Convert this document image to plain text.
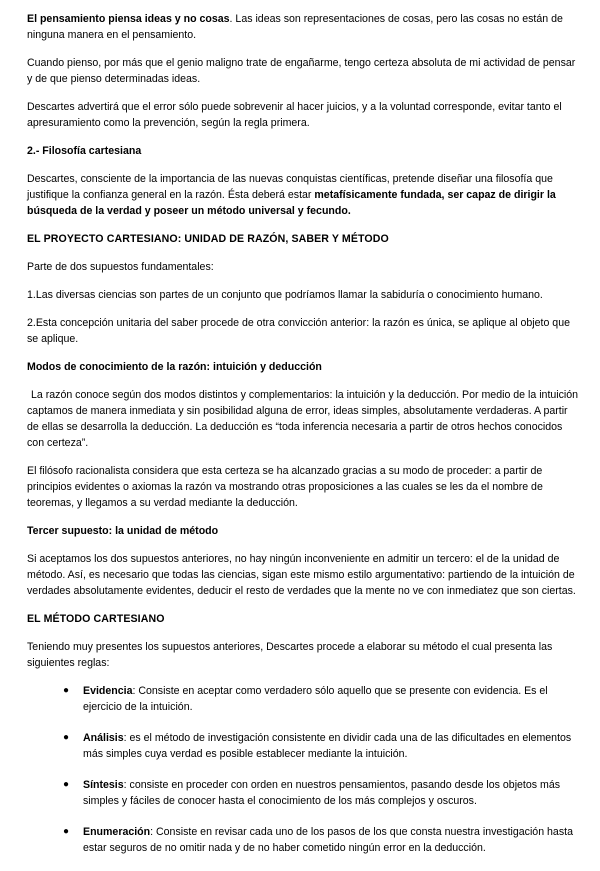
El pensamiento piensa ideas y no cosas. Las ideas son representaciones de cosas, pero las cosas no están de ninguna manera en el pensamiento.

Cuando pienso, por más que el genio maligno trate de engañarme, tengo certeza absoluta de mi actividad de pensar y de que pienso determinadas ideas.

Descartes advertirá que el error sólo puede sobrevenir al hacer juicios, y a la voluntad corresponde, evitar tanto el apresuramiento como la prevención, según la regla primera.

2.- Filosofía cartesiana

Descartes, consciente de la importancia de las nuevas conquistas científicas, pretende diseñar una filosofía que justifique la confianza general en la razón. Ésta deberá estar metafísicamente fundada, ser capaz de dirigir la búsqueda de la verdad y poseer un método universal y fecundo.

EL PROYECTO CARTESIANO: UNIDAD DE RAZÓN, SABER Y MÉTODO

Parte de dos supuestos fundamentales:

1.Las diversas ciencias son partes de un conjunto que podríamos llamar la sabiduría o conocimiento humano.

2.Esta concepción unitaria del saber procede de otra convicción anterior: la razón es única, se aplique al objeto que se aplique.

Modos de conocimiento de la razón: intuición y deducción

La razón conoce según dos modos distintos y complementarios: la intuición y la deducción. Por medio de la intuición captamos de manera inmediata y sin posibilidad alguna de error, ideas simples, absolutamente verdaderas. A partir de ellas se desarrolla la deducción. La deducción es “toda inferencia necesaria a partir de otros hechos conocidos con certeza”.

El filósofo racionalista considera que esta certeza se ha alcanzado gracias a su modo de proceder: a partir de principios evidentes o axiomas la razón va mostrando otras proposiciones a las cuales se les da el nombre de teoremas, y llegamos a su verdad mediante la deducción.

Tercer supuesto: la unidad de método

Si aceptamos los dos supuestos anteriores, no hay ningún inconveniente en admitir un tercero: el de la unidad de método. Así, es necesario que todas las ciencias, sigan este mismo estilo argumentativo: partiendo de la intuición de verdades absolutamente evidentes, deducir el resto de verdades que la mente no ve con inmediatez que son ciertas.

EL MÉTODO CARTESIANO

Teniendo muy presentes los supuestos anteriores, Descartes procede a elaborar su método el cual presenta las siguientes reglas:

● Evidencia: Consiste en aceptar como verdadero sólo aquello que se presente con evidencia. Es el ejercicio de la intuición.
● Análisis: es el método de investigación consistente en dividir cada una de las dificultades en elementos más simples cuya verdad es posible establecer mediante la intuición.
● Síntesis: consiste en proceder con orden en nuestros pensamientos, pasando desde los objetos más simples y fáciles de conocer hasta el conocimiento de los más complejos y oscuros.
● Enumeración: Consiste en revisar cada uno de los pasos de los que consta nuestra investigación hasta estar seguros de no omitir nada y de no haber cometido ningún error en la deducción.
